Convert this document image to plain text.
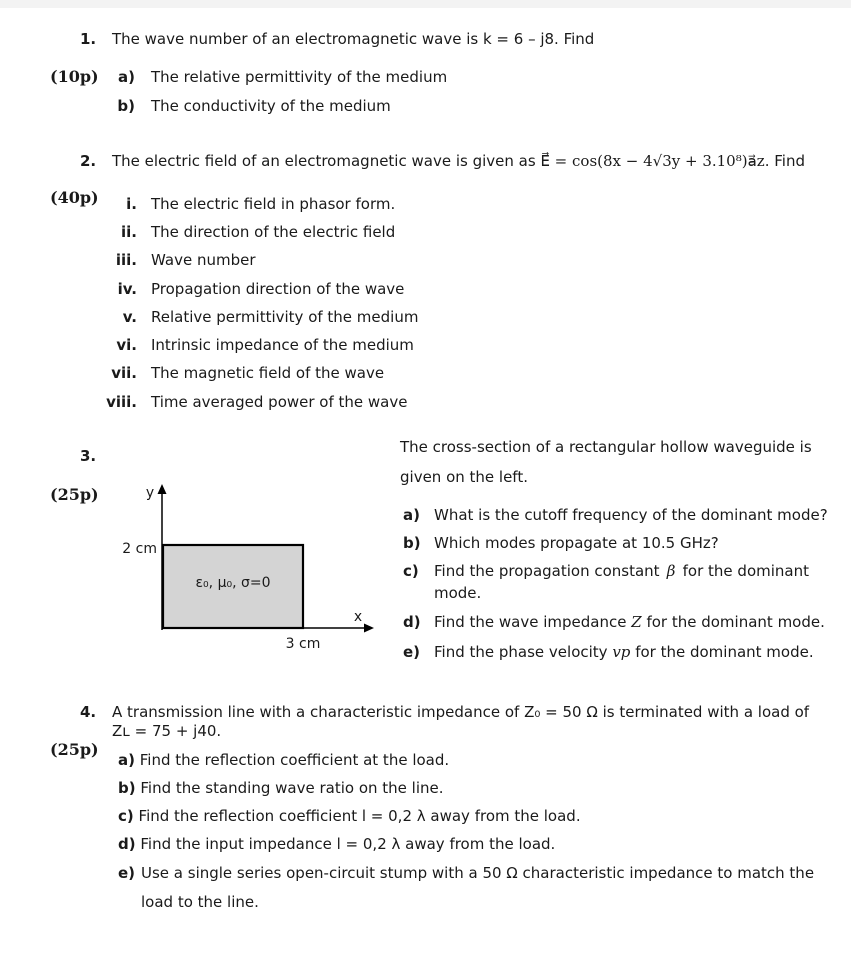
1. The wave number of an electromagnetic wave is k = 6 – j8. Find
(10p)	a) The relative permittivity of the medium
b) The conductivity of the medium
2. The electric field of an electromagnetic wave is given as E⃗ = cos(8x − 4√3y + 3.10⁸)a⃗z. Find
(40p)	i. The electric field in phasor form.
ii. The direction of the electric field
iii. Wave number
iv. Propagation direction of the wave
v. Relative permittivity of the medium
vi. Intrinsic impedance of the medium
vii. The magnetic field of the wave
viii. Time averaged power of the wave
3.
(25p)	y
x
2 cm
3 cm
ε₀, μ₀, σ=0
The cross-section of a rectangular hollow waveguide is
given on the left.
a) What is the cutoff frequency of the dominant mode?
b) Which modes propagate at 10.5 GHz?
c) Find the propagation constant β for the dominant
mode.
d) Find the wave impedance Z for the dominant mode.
e) Find the phase velocity vp for the dominant mode.
4. A transmission line with a characteristic impedance of Z₀ = 50 Ω is terminated with a load of
Zʟ = 75 + j40.
(25p)
a) Find the reflection coefficient at the load.
b) Find the standing wave ratio on the line.
c) Find the reflection coefficient l = 0,2 λ away from the load.
d) Find the input impedance l = 0,2 λ away from the load.
e) Use a single series open-circuit stump with a 50 Ω characteristic impedance to match the
load to the line.
